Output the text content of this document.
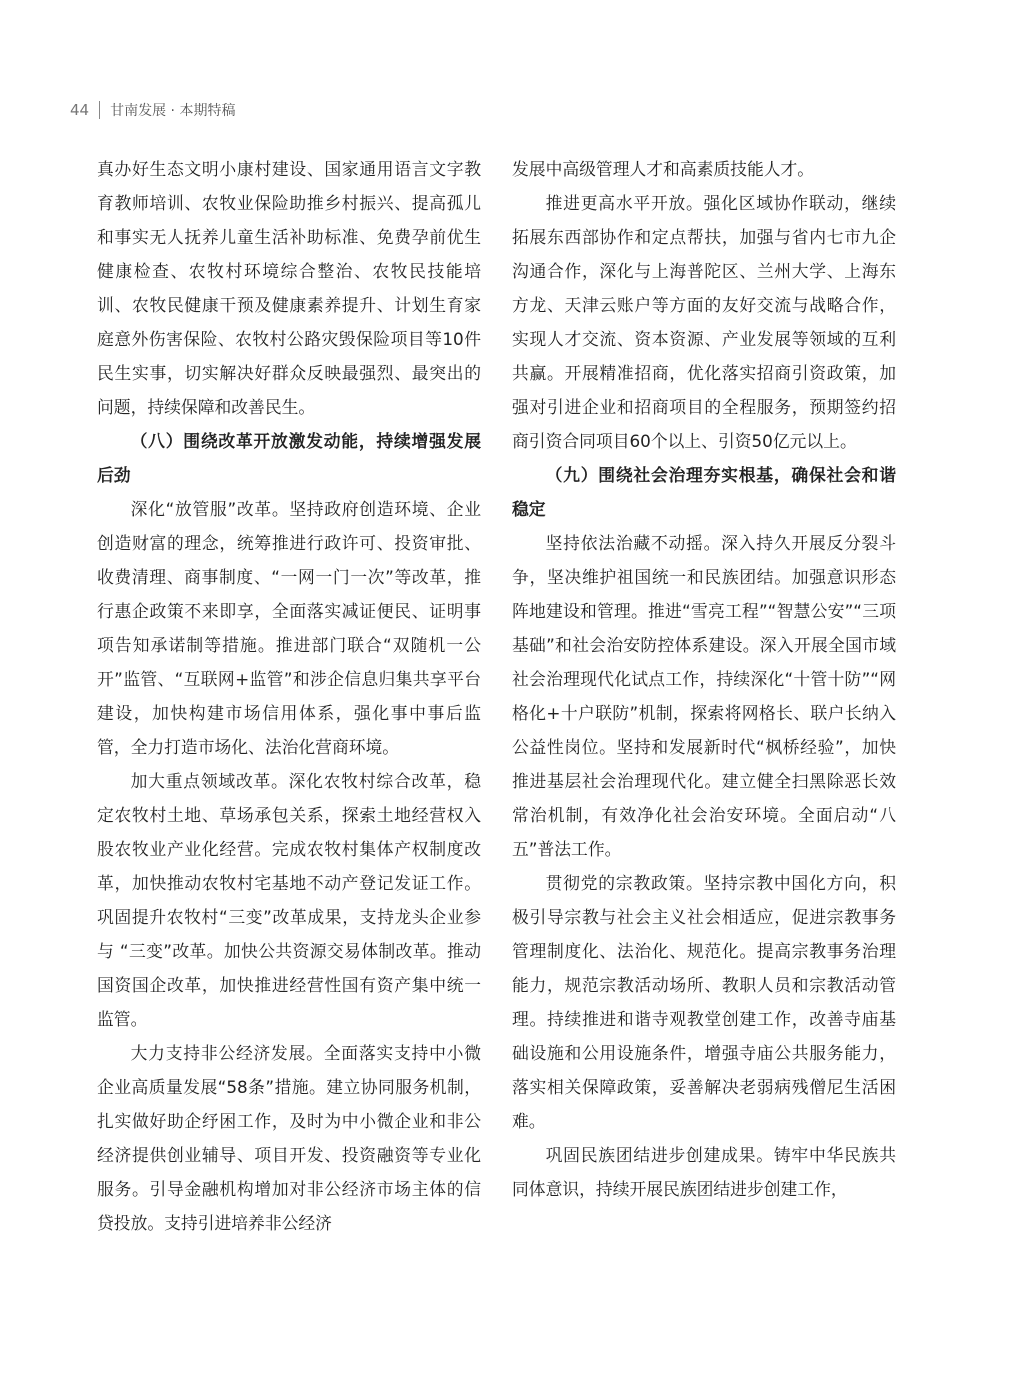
44 甘南发展 · 本期特稿

真办好生态文明小康村建设、国家通用语言文字教育教师培训、农牧业保险助推乡村振兴、提高孤儿和事实无人抚养儿童生活补助标准、免费孕前优生健康检查、农牧村环境综合整治、农牧民技能培训、农牧民健康干预及健康素养提升、计划生育家庭意外伤害保险、农牧村公路灾毁保险项目等10件民生实事，切实解决好群众反映最强烈、最突出的问题，持续保障和改善民生。

（八）围绕改革开放激发动能，持续增强发展后劲

深化“放管服”改革。坚持政府创造环境、企业创造财富的理念，统筹推进行政许可、投资审批、收费清理、商事制度、“一网一门一次”等改革，推行惠企政策不来即享，全面落实减证便民、证明事项告知承诺制等措施。推进部门联合“双随机一公开”监管、“互联网+监管”和涉企信息归集共享平台建设，加快构建市场信用体系，强化事中事后监管，全力打造市场化、法治化营商环境。

加大重点领域改革。深化农牧村综合改革，稳定农牧村土地、草场承包关系，探索土地经营权入股农牧业产业化经营。完成农牧村集体产权制度改革，加快推动农牧村宅基地不动产登记发证工作。巩固提升农牧村“三变”改革成果，支持龙头企业参与 “三变”改革。加快公共资源交易体制改革。推动国资国企改革，加快推进经营性国有资产集中统一监管。

大力支持非公经济发展。全面落实支持中小微企业高质量发展“58条”措施。建立协同服务机制，扎实做好助企纾困工作，及时为中小微企业和非公经济提供创业辅导、项目开发、投资融资等专业化服务。引导金融机构增加对非公经济市场主体的信贷投放。支持引进培养非公经济

发展中高级管理人才和高素质技能人才。

推进更高水平开放。强化区域协作联动，继续拓展东西部协作和定点帮扶，加强与省内七市九企沟通合作，深化与上海普陀区、兰州大学、上海东方龙、天津云账户等方面的友好交流与战略合作，实现人才交流、资本资源、产业发展等领域的互利共赢。开展精准招商，优化落实招商引资政策，加强对引进企业和招商项目的全程服务，预期签约招商引资合同项目60个以上、引资50亿元以上。

（九）围绕社会治理夯实根基，确保社会和谐稳定

坚持依法治藏不动摇。深入持久开展反分裂斗争，坚决维护祖国统一和民族团结。加强意识形态阵地建设和管理。推进“雪亮工程”“智慧公安”“三项基础”和社会治安防控体系建设。深入开展全国市域社会治理现代化试点工作，持续深化“十管十防”“网格化+十户联防”机制，探索将网格长、联户长纳入公益性岗位。坚持和发展新时代“枫桥经验”，加快推进基层社会治理现代化。建立健全扫黑除恶长效常治机制，有效净化社会治安环境。全面启动“八五”普法工作。

贯彻党的宗教政策。坚持宗教中国化方向，积极引导宗教与社会主义社会相适应，促进宗教事务管理制度化、法治化、规范化。提高宗教事务治理能力，规范宗教活动场所、教职人员和宗教活动管理。持续推进和谐寺观教堂创建工作，改善寺庙基础设施和公用设施条件，增强寺庙公共服务能力，落实相关保障政策，妥善解决老弱病残僧尼生活困难。

巩固民族团结进步创建成果。铸牢中华民族共同体意识，持续开展民族团结进步创建工作，
